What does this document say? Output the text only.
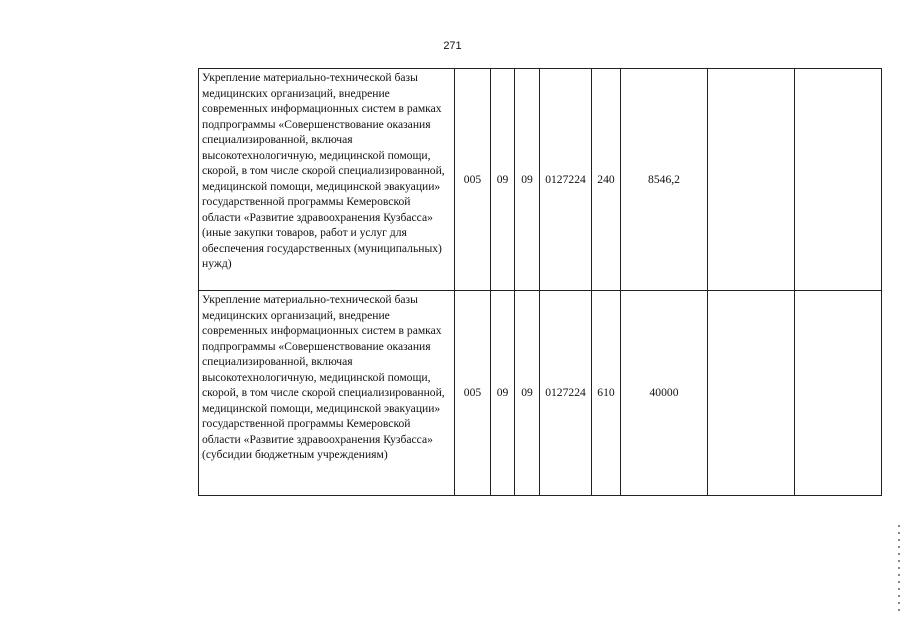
271
Укрепление материально-технической базы медицинских организаций, внедрение современных информационных систем в рамках подпрограммы «Совершенствование оказания специализированной, включая высокотехнологичную, медицинской помощи, скорой, в том числе скорой специализированной, медицинской помощи, медицинской эвакуации» государственной программы Кемеровской области «Развитие здравоохранения Кузбасса» (иные закупки товаров, работ и услуг для обеспечения государственных (муниципальных) нужд)	005	09	09	0127224	240	8546,2		
Укрепление материально-технической базы медицинских организаций, внедрение современных информационных систем в рамках подпрограммы «Совершенствование оказания специализированной, включая высокотехнологичную, медицинской помощи, скорой, в том числе скорой специализированной, медицинской помощи, медицинской эвакуации» государственной программы Кемеровской области «Развитие здравоохранения Кузбасса» (субсидии бюджетным учреждениям)	005	09	09	0127224	610	40000		
